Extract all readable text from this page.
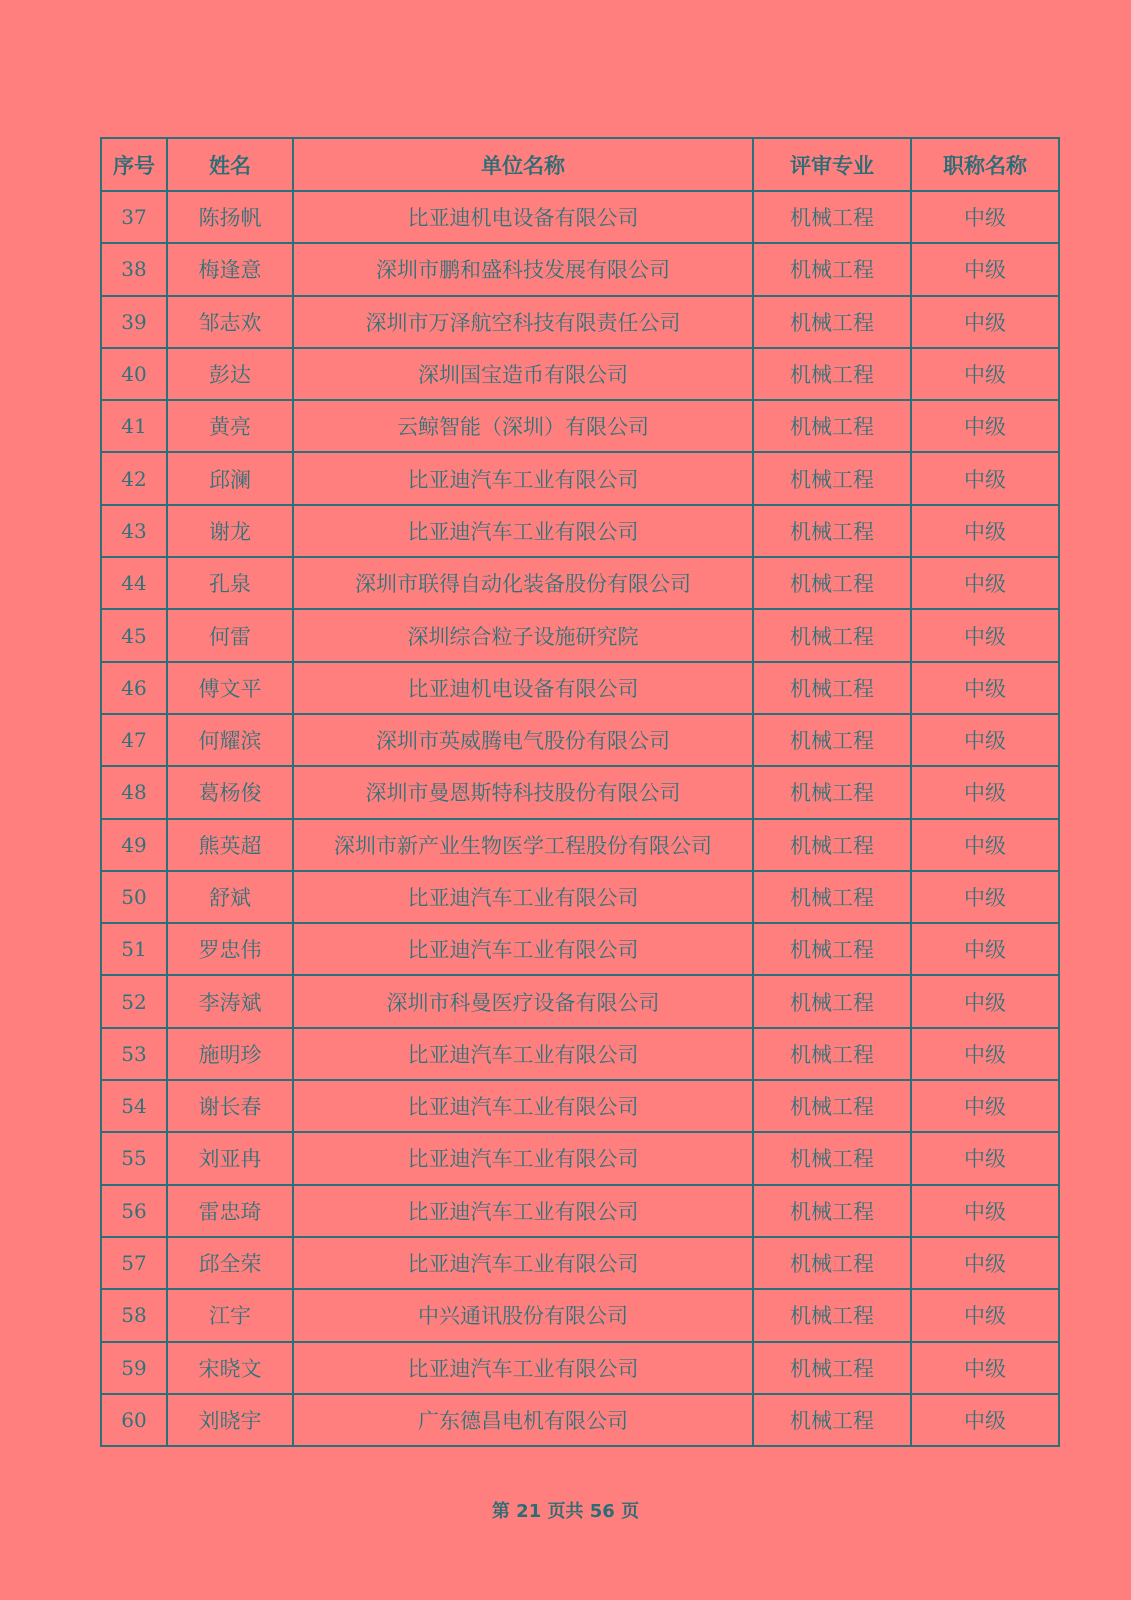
序号	姓名	单位名称	评审专业	职称名称
37	陈扬帆	比亚迪机电设备有限公司	机械工程	中级
38	梅逢意	深圳市鹏和盛科技发展有限公司	机械工程	中级
39	邹志欢	深圳市万泽航空科技有限责任公司	机械工程	中级
40	彭达	深圳国宝造币有限公司	机械工程	中级
41	黄亮	云鲸智能（深圳）有限公司	机械工程	中级
42	邱澜	比亚迪汽车工业有限公司	机械工程	中级
43	谢龙	比亚迪汽车工业有限公司	机械工程	中级
44	孔泉	深圳市联得自动化装备股份有限公司	机械工程	中级
45	何雷	深圳综合粒子设施研究院	机械工程	中级
46	傅文平	比亚迪机电设备有限公司	机械工程	中级
47	何耀滨	深圳市英威腾电气股份有限公司	机械工程	中级
48	葛杨俊	深圳市曼恩斯特科技股份有限公司	机械工程	中级
49	熊英超	深圳市新产业生物医学工程股份有限公司	机械工程	中级
50	舒斌	比亚迪汽车工业有限公司	机械工程	中级
51	罗忠伟	比亚迪汽车工业有限公司	机械工程	中级
52	李涛斌	深圳市科曼医疗设备有限公司	机械工程	中级
53	施明珍	比亚迪汽车工业有限公司	机械工程	中级
54	谢长春	比亚迪汽车工业有限公司	机械工程	中级
55	刘亚冉	比亚迪汽车工业有限公司	机械工程	中级
56	雷忠琦	比亚迪汽车工业有限公司	机械工程	中级
57	邱全荣	比亚迪汽车工业有限公司	机械工程	中级
58	江宇	中兴通讯股份有限公司	机械工程	中级
59	宋晓文	比亚迪汽车工业有限公司	机械工程	中级
60	刘晓宇	广东德昌电机有限公司	机械工程	中级
第 21 页共 56 页
